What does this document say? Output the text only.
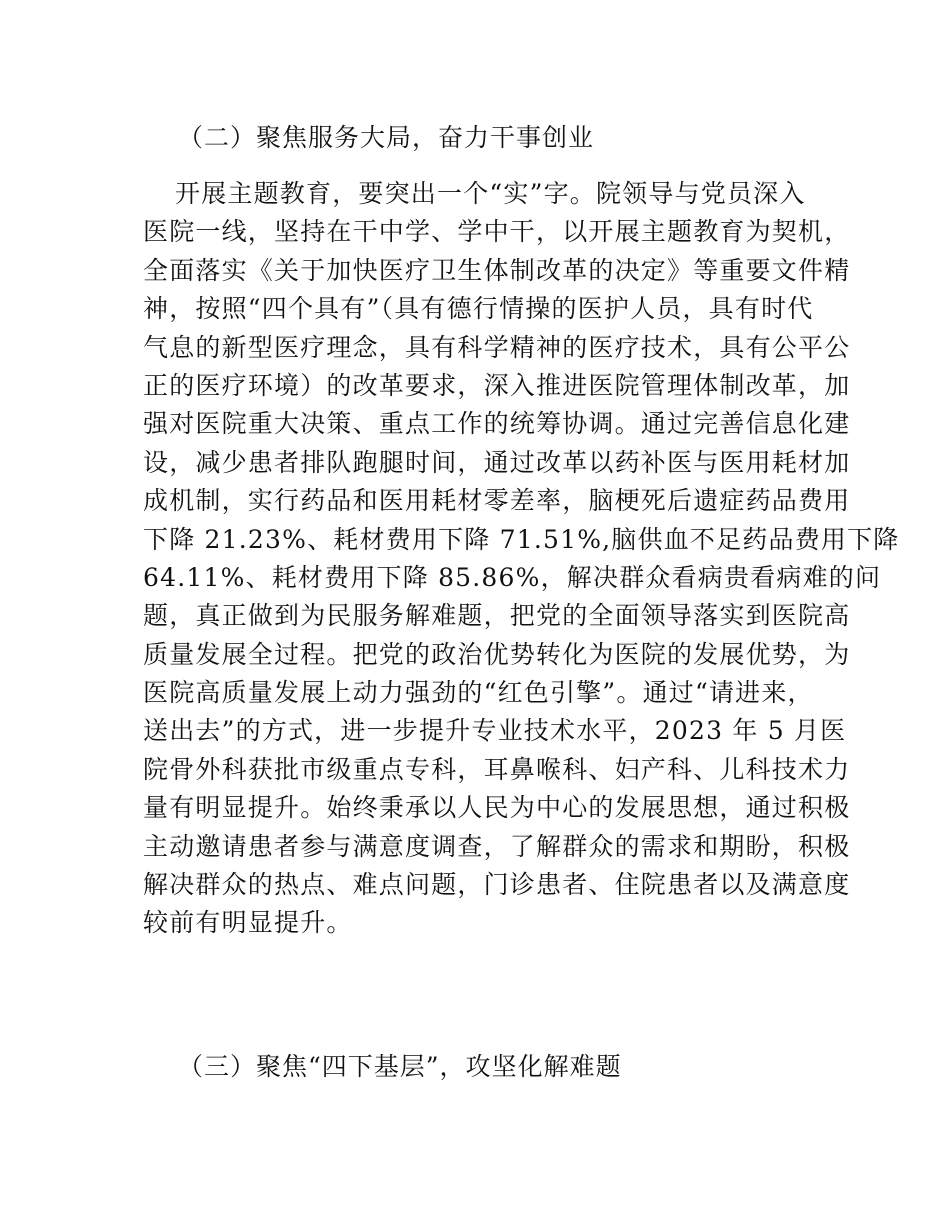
（二）聚焦服务大局，奋力干事创业
开展主题教育，要突出一个“实”字。院领导与党员深入
医院一线，坚持在干中学、学中干，以开展主题教育为契机，
全面落实《关于加快医疗卫生体制改革的决定》等重要文件精
神，按照“四个具有”（具有德行情操的医护人员，具有时代
气息的新型医疗理念，具有科学精神的医疗技术，具有公平公
正的医疗环境）的改革要求，深入推进医院管理体制改革，加
强对医院重大决策、重点工作的统筹协调。通过完善信息化建
设，减少患者排队跑腿时间，通过改革以药补医与医用耗材加
成机制，实行药品和医用耗材零差率，脑梗死后遗症药品费用
下降 21.23%、耗材费用下降 71.51%,脑供血不足药品费用下降
64.11%、耗材费用下降 85.86%，解决群众看病贵看病难的问
题，真正做到为民服务解难题，把党的全面领导落实到医院高
质量发展全过程。把党的政治优势转化为医院的发展优势，为
医院高质量发展上动力强劲的“红色引擎”。通过“请进来，
送出去”的方式，进一步提升专业技术水平，2023 年 5 月医
院骨外科获批市级重点专科，耳鼻喉科、妇产科、儿科技术力
量有明显提升。始终秉承以人民为中心的发展思想，通过积极
主动邀请患者参与满意度调查，了解群众的需求和期盼，积极
解决群众的热点、难点问题，门诊患者、住院患者以及满意度
较前有明显提升。
（三）聚焦“四下基层”，攻坚化解难题
